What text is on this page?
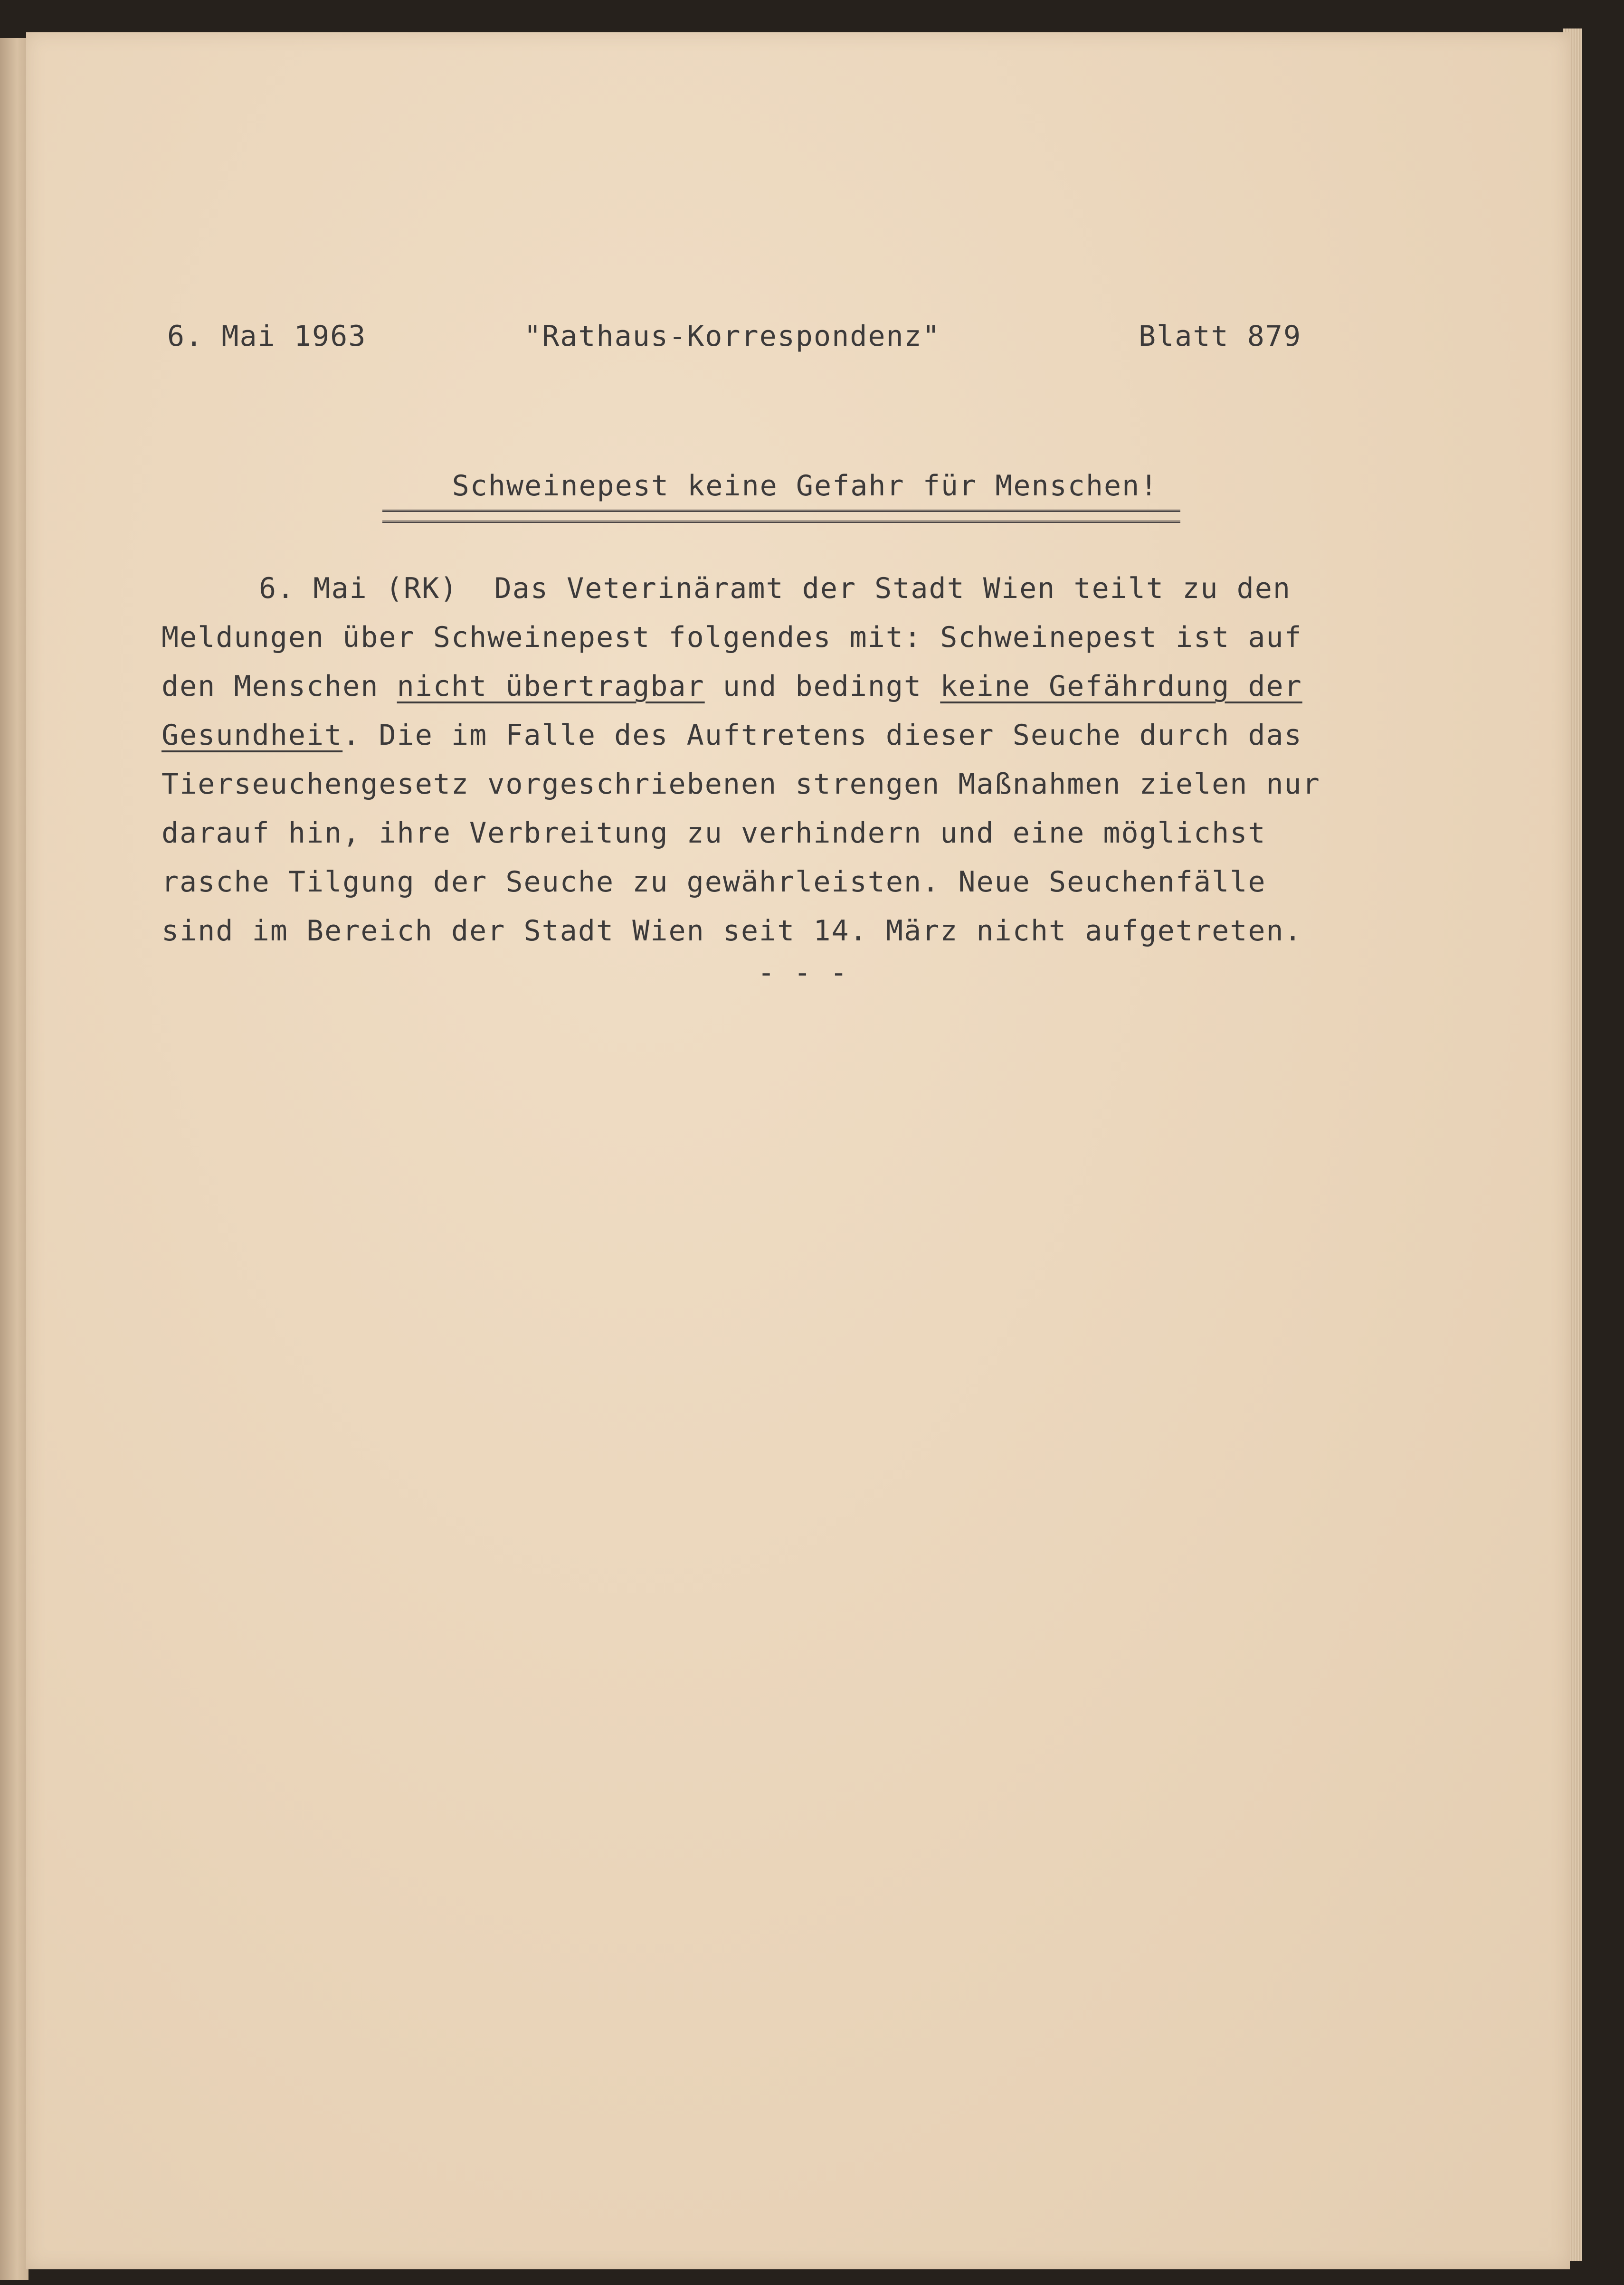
6. Mai 1963	"Rathaus-Korrespondenz"	Blatt 879
Schweinepest keine Gefahr für Menschen!
6. Mai (RK)  Das Veterinäramt der Stadt Wien teilt zu den
Meldungen über Schweinepest folgendes mit: Schweinepest ist auf
den Menschen nicht übertragbar und bedingt keine Gefährdung der
Gesundheit. Die im Falle des Auftretens dieser Seuche durch das
Tierseuchengesetz vorgeschriebenen strengen Maßnahmen zielen nur
darauf hin, ihre Verbreitung zu verhindern und eine möglichst
rasche Tilgung der Seuche zu gewährleisten. Neue Seuchenfälle
sind im Bereich der Stadt Wien seit 14. März nicht aufgetreten.
- - -
